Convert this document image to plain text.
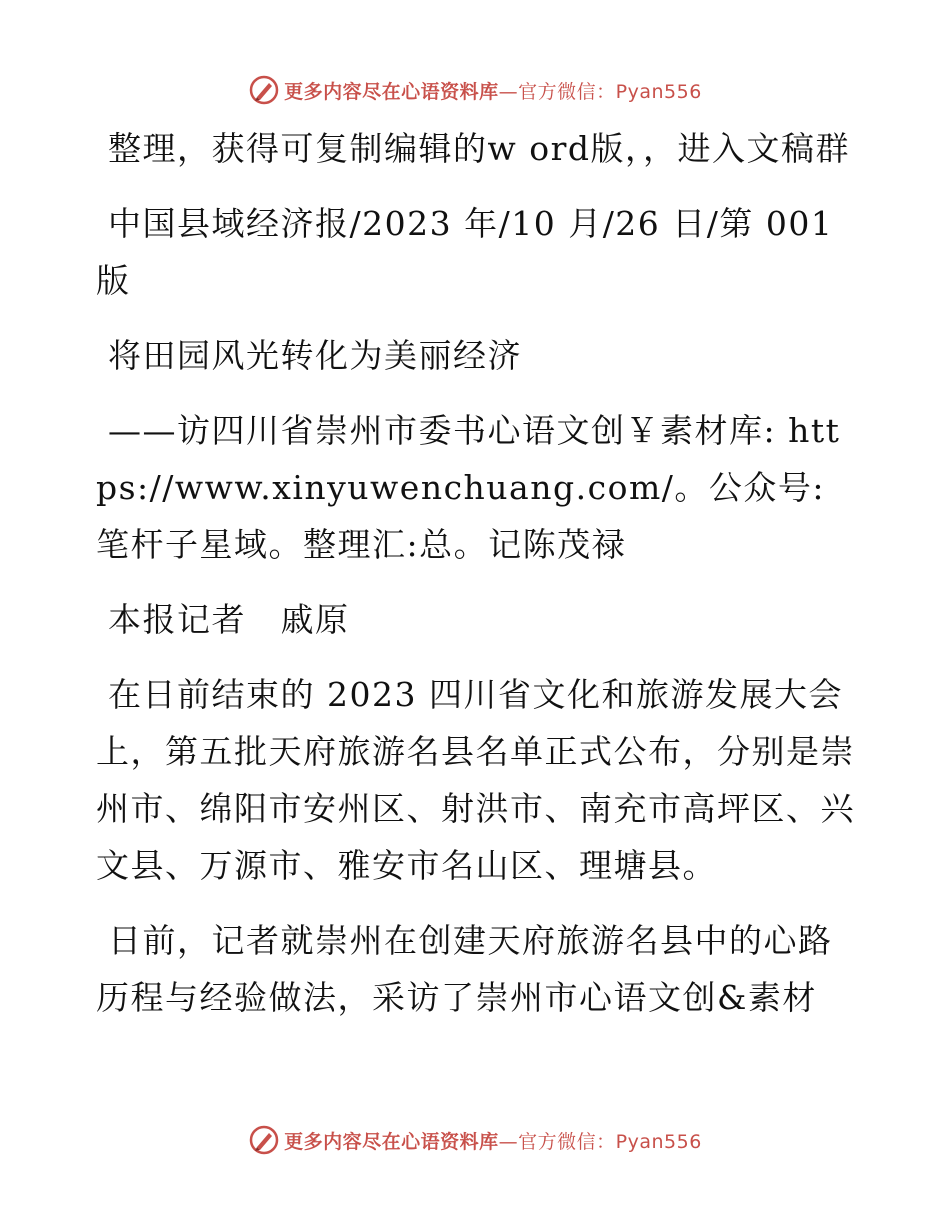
更多内容尽在心语资料库—官方微信：Pyan556

整理，获得可复制编辑的w ord版，，进入文稿群

中国县域经济报/2023 年/10 月/26 日/第 001 版

将田园风光转化为美丽经济

——访四川省崇州市委书心语文创￥素材库: https://www.xinyuwenchuang.com/。公众号: 笔杆子星域。整理汇:总。记陈茂禄

本报记者　戚原

在日前结束的 2023 四川省文化和旅游发展大会上，第五批天府旅游名县名单正式公布，分别是崇州市、绵阳市安州区、射洪市、南充市高坪区、兴文县、万源市、雅安市名山区、理塘县。

日前，记者就崇州在创建天府旅游名县中的心路历程与经验做法，采访了崇州市心语文创&素材

更多内容尽在心语资料库—官方微信：Pyan556
